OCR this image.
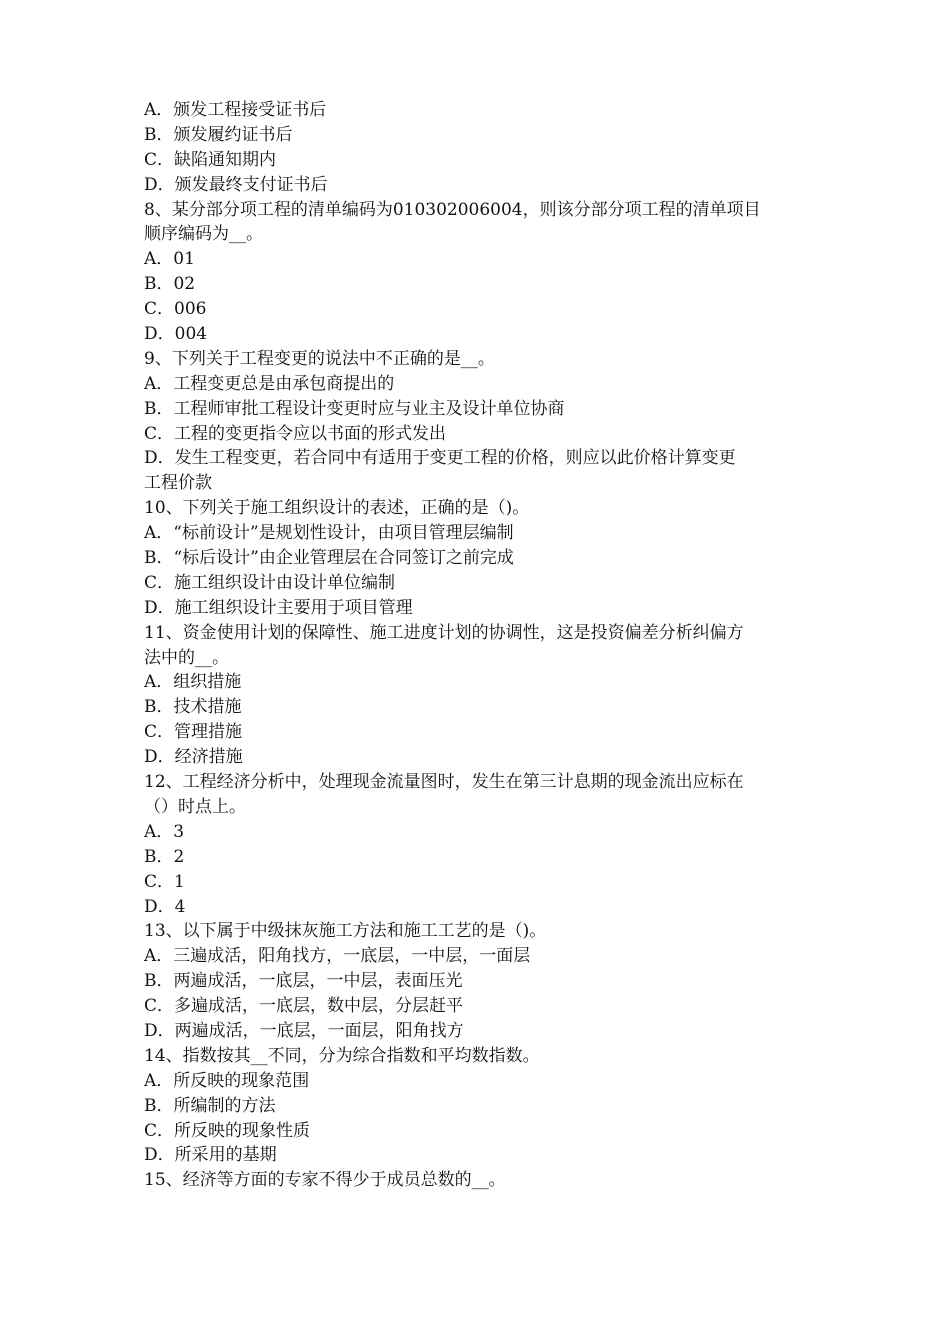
A．颁发工程接受证书后
B．颁发履约证书后
C．缺陷通知期内
D．颁发最终支付证书后
8、某分部分项工程的清单编码为010302006004，则该分部分项工程的清单项目
顺序编码为__。
A．01
B．02
C．006
D．004
9、下列关于工程变更的说法中不正确的是__。
A．工程变更总是由承包商提出的
B．工程师审批工程设计变更时应与业主及设计单位协商
C．工程的变更指令应以书面的形式发出
D．发生工程变更，若合同中有适用于变更工程的价格，则应以此价格计算变更
工程价款
10、下列关于施工组织设计的表述，正确的是（)。
A．“标前设计”是规划性设计，由项目管理层编制
B．“标后设计”由企业管理层在合同签订之前完成
C．施工组织设计由设计单位编制
D．施工组织设计主要用于项目管理
11、资金使用计划的保障性、施工进度计划的协调性，这是投资偏差分析纠偏方
法中的__。
A．组织措施
B．技术措施
C．管理措施
D．经济措施
12、工程经济分析中，处理现金流量图时，发生在第三计息期的现金流出应标在
（）时点上。
A．3
B．2
C．1
D．4
13、以下属于中级抹灰施工方法和施工工艺的是（)。
A．三遍成活，阳角找方，一底层，一中层，一面层
B．两遍成活，一底层，一中层，表面压光
C．多遍成活，一底层，数中层，分层赶平
D．两遍成活，一底层，一面层，阳角找方
14、指数按其__不同，分为综合指数和平均数指数。
A．所反映的现象范围
B．所编制的方法
C．所反映的现象性质
D．所采用的基期
15、经济等方面的专家不得少于成员总数的__。
